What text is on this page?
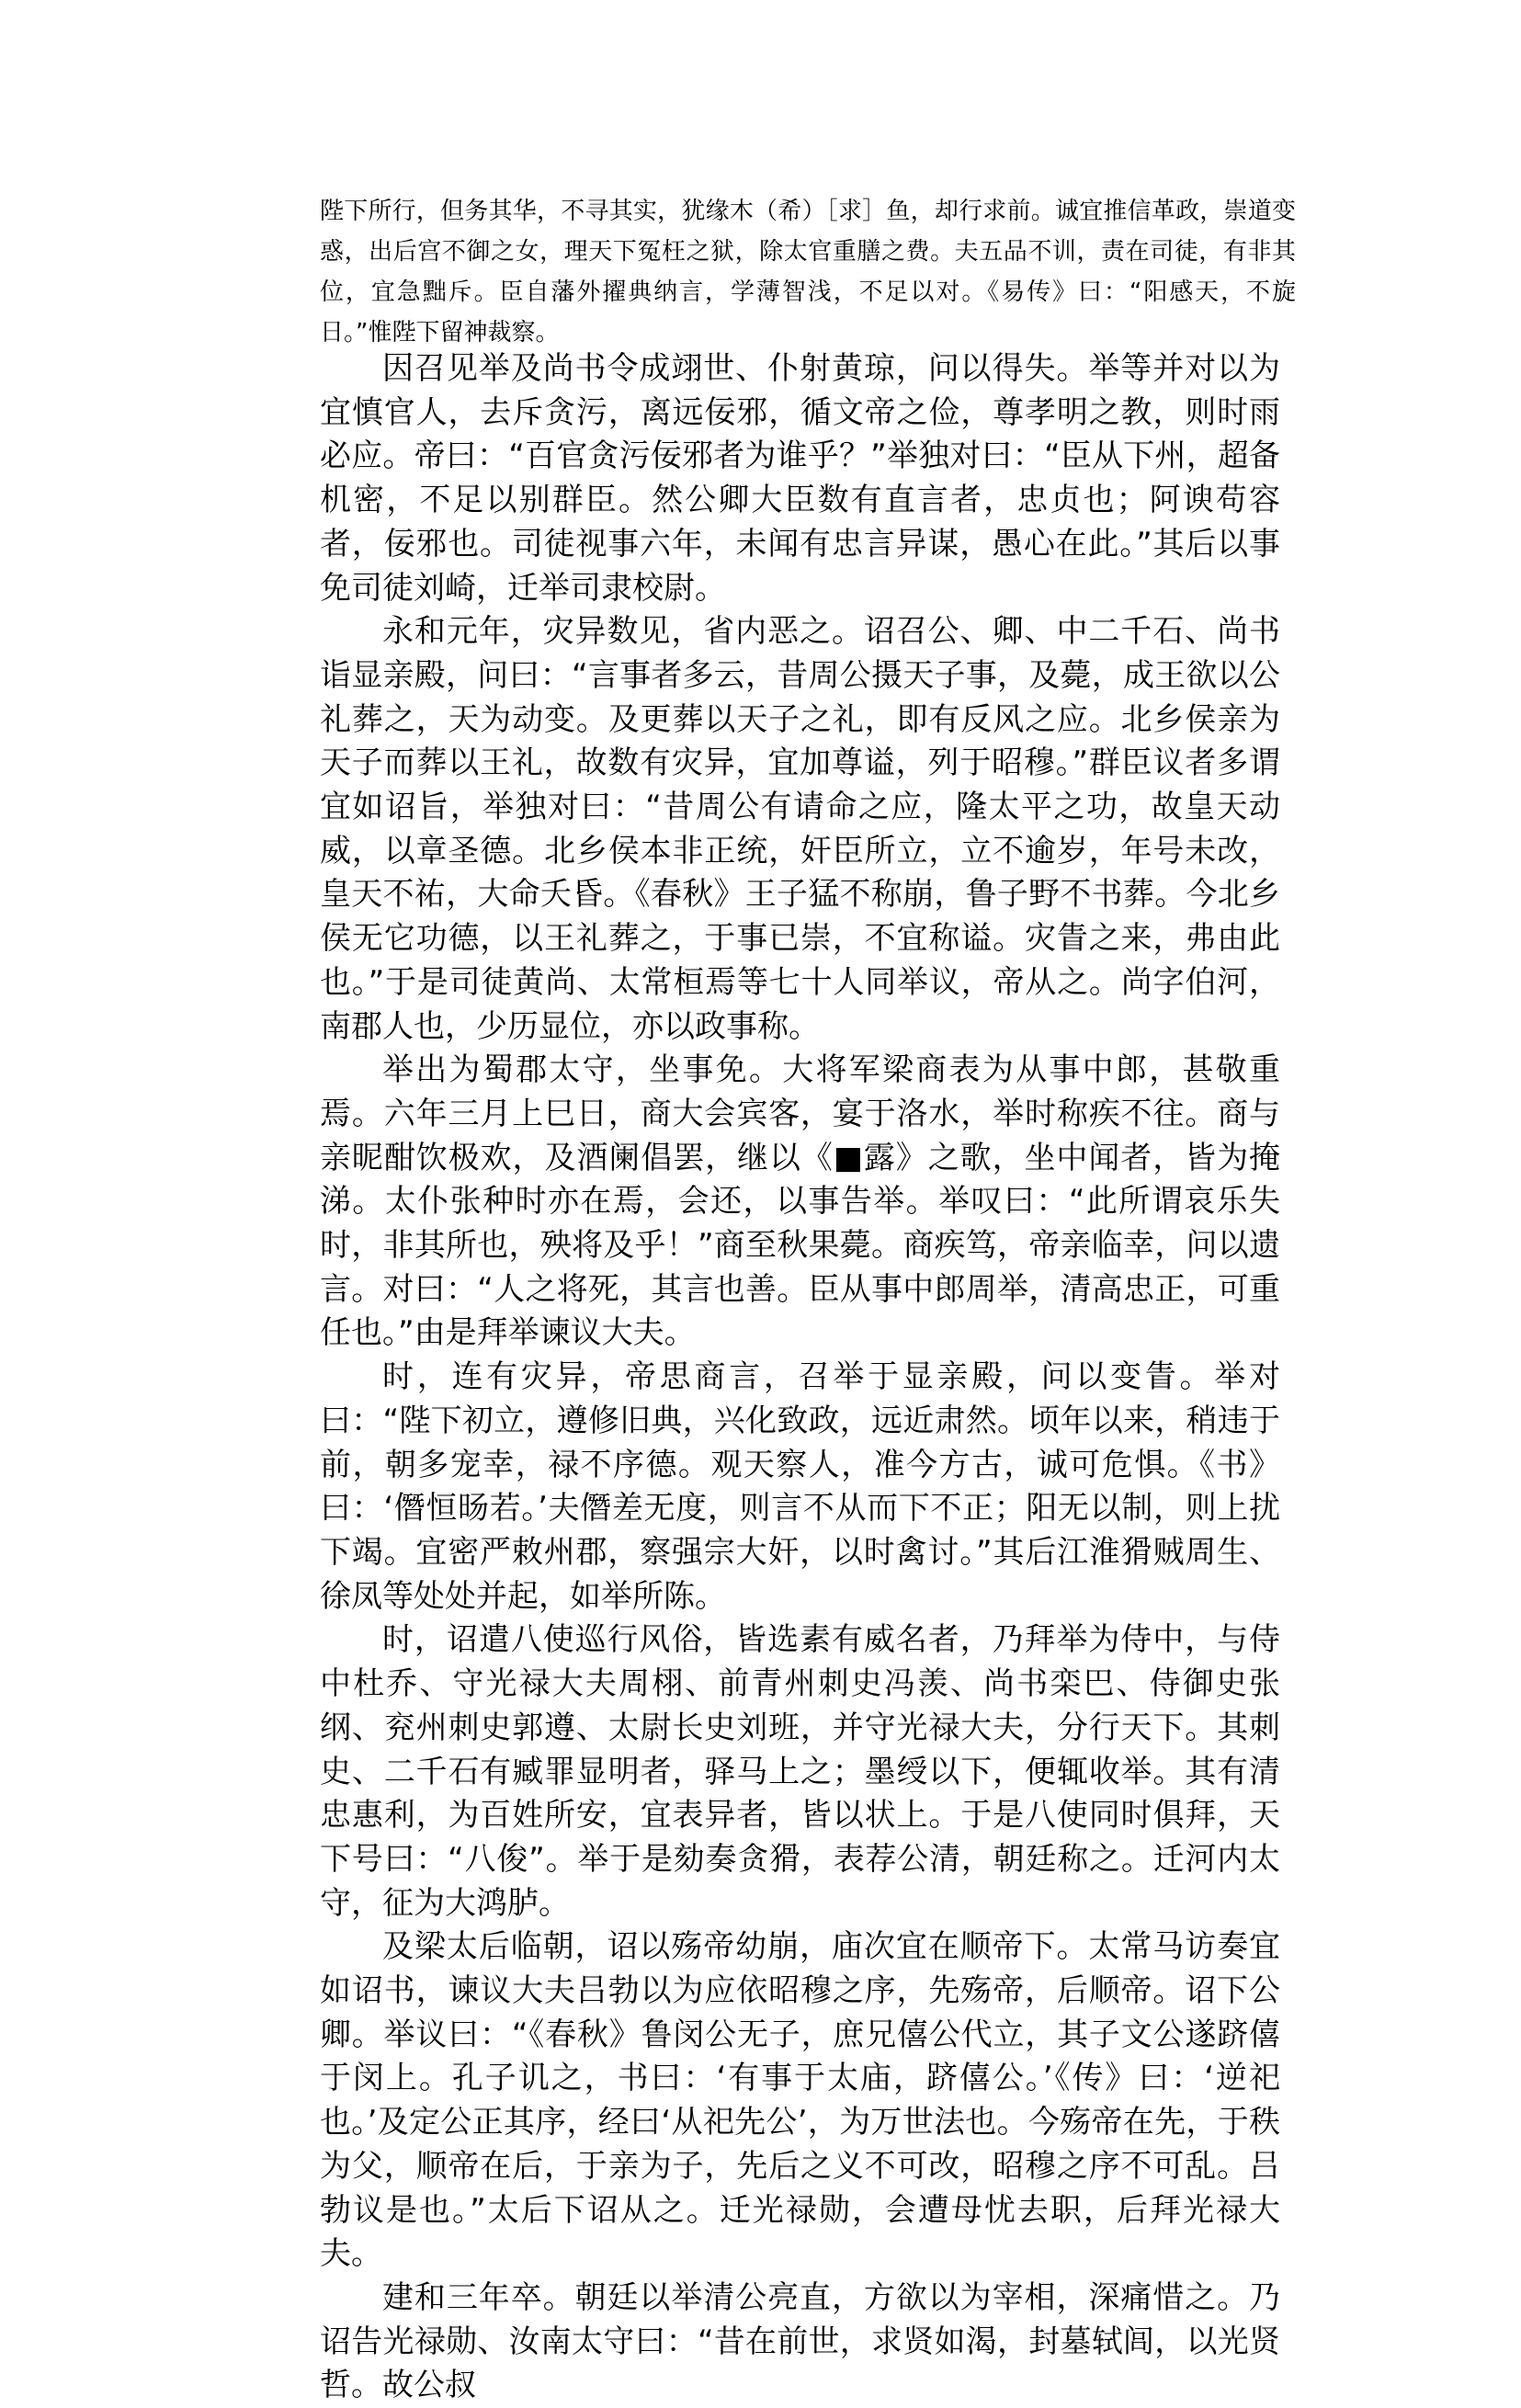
陛下所行，但务其华，不寻其实，犹缘木（希）［求］鱼，却行求前。诚宜推信革政，崇道变惑，出后宫不御之女，理天下冤枉之狱，除太官重膳之费。夫五品不训，责在司徒，有非其位，宜急黜斥。臣自藩外擢典纳言，学薄智浅，不足以对。《易传》曰：“阳感天，不旋日。”惟陛下留神裁察。

因召见举及尚书令成翊世、仆射黄琼，问以得失。举等并对以为宜慎官人，去斥贪污，离远佞邪，循文帝之俭，尊孝明之教，则时雨必应。帝曰：“百官贪污佞邪者为谁乎？”举独对曰：“臣从下州，超备机密，不足以别群臣。然公卿大臣数有直言者，忠贞也；阿谀苟容者，佞邪也。司徒视事六年，未闻有忠言异谋，愚心在此。”其后以事免司徒刘崎，迁举司隶校尉。

永和元年，灾异数见，省内恶之。诏召公、卿、中二千石、尚书诣显亲殿，问曰：“言事者多云，昔周公摄天子事，及薨，成王欲以公礼葬之，天为动变。及更葬以天子之礼，即有反风之应。北乡侯亲为天子而葬以王礼，故数有灾异，宜加尊谥，列于昭穆。”群臣议者多谓宜如诏旨，举独对曰：“昔周公有请命之应，隆太平之功，故皇天动威，以章圣德。北乡侯本非正统，奸臣所立，立不逾岁，年号未改，皇天不祐，大命夭昏。《春秋》王子猛不称崩，鲁子野不书葬。今北乡侯无它功德，以王礼葬之，于事已崇，不宜称谥。灾眚之来，弗由此也。”于是司徒黄尚、太常桓焉等七十人同举议，帝从之。尚字伯河，南郡人也，少历显位，亦以政事称。

举出为蜀郡太守，坐事免。大将军梁商表为从事中郎，甚敬重焉。六年三月上巳日，商大会宾客，宴于洛水，举时称疾不往。商与亲昵酣饮极欢，及酒阑倡罢，继以《■露》之歌，坐中闻者，皆为掩涕。太仆张种时亦在焉，会还，以事告举。举叹曰：“此所谓哀乐失时，非其所也，殃将及乎！”商至秋果薨。商疾笃，帝亲临幸，问以遗言。对曰：“人之将死，其言也善。臣从事中郎周举，清高忠正，可重任也。”由是拜举谏议大夫。

时，连有灾异，帝思商言，召举于显亲殿，问以变眚。举对曰：“陛下初立，遵修旧典，兴化致政，远近肃然。顷年以来，稍违于前，朝多宠幸，禄不序德。观天察人，准今方古，诚可危惧。《书》曰：‘僭恒旸若。’夫僭差无度，则言不从而下不正；阳无以制，则上扰下竭。宜密严敕州郡，察强宗大奸，以时禽讨。”其后江淮猾贼周生、徐凤等处处并起，如举所陈。

时，诏遣八使巡行风俗，皆选素有威名者，乃拜举为侍中，与侍中杜乔、守光禄大夫周栩、前青州刺史冯羡、尚书栾巴、侍御史张纲、兖州刺史郭遵、太尉长史刘班，并守光禄大夫，分行天下。其刺史、二千石有臧罪显明者，驿马上之；墨绶以下，便辄收举。其有清忠惠利，为百姓所安，宜表异者，皆以状上。于是八使同时俱拜，天下号曰：“八俊”。举于是劾奏贪猾，表荐公清，朝廷称之。迁河内太守，征为大鸿胪。

及梁太后临朝，诏以殇帝幼崩，庙次宜在顺帝下。太常马访奏宜如诏书，谏议大夫吕勃以为应依昭穆之序，先殇帝，后顺帝。诏下公卿。举议曰：“《春秋》鲁闵公无子，庶兄僖公代立，其子文公遂跻僖于闵上。孔子讥之，书曰：‘有事于太庙，跻僖公。’《传》曰：‘逆祀也。’及定公正其序，经曰‘从祀先公’，为万世法也。今殇帝在先，于秩为父，顺帝在后，于亲为子，先后之义不可改，昭穆之序不可乱。吕勃议是也。”太后下诏从之。迁光禄勋，会遭母忧去职，后拜光禄大夫。

建和三年卒。朝廷以举清公亮直，方欲以为宰相，深痛惜之。乃诏告光禄勋、汝南太守曰：“昔在前世，求贤如渴，封墓轼闾，以光贤哲。故公叔
